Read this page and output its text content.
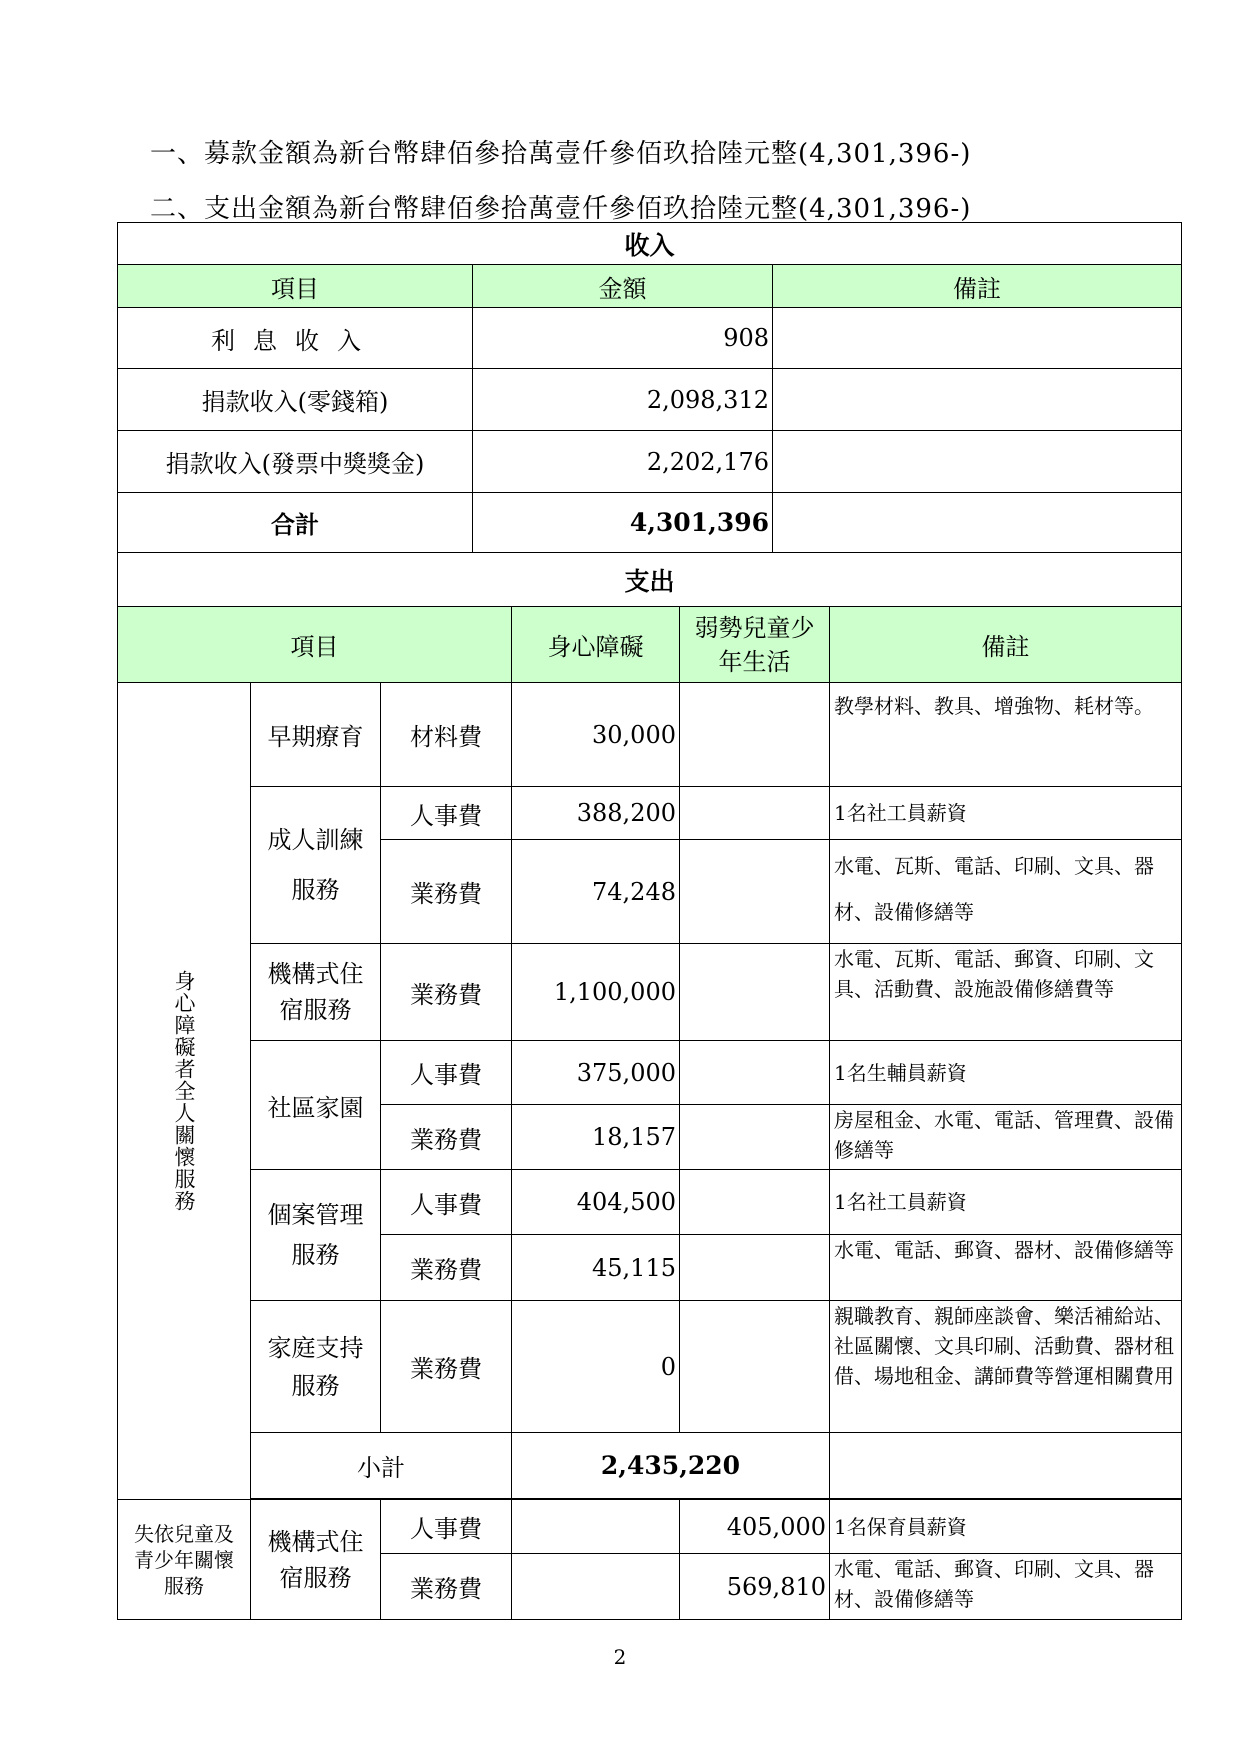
一、募款金額為新台幣肆佰參拾萬壹仟參佰玖拾陸元整(4,301,396-)
二、支出金額為新台幣肆佰參拾萬壹仟參佰玖拾陸元整(4,301,396-)
收入		
項目	金額	備註
利息收入	908	
捐款收入(零錢箱)	2,098,312	
捐款收入(發票中獎獎金)	2,202,176	
合計	4,301,396	
支出					
項目			身心障礙	弱勢兒童少年生活	備註

身心障礙者全人關懷服務	早期療育	材料費	30,000		教學材料、教具、增強物、耗材等。
	成人訓練服務	人事費	388,200		1名社工員薪資
		業務費	74,248		水電、瓦斯、電話、印刷、文具、器材、設備修繕等
	機構式住宿服務	業務費	1,100,000		水電、瓦斯、電話、郵資、印刷、文具、活動費、設施設備修繕費等
	社區家園	人事費	375,000		1名生輔員薪資
		業務費	18,157		房屋租金、水電、電話、管理費、設備修繕等
	個案管理服務	人事費	404,500		1名社工員薪資
		業務費	45,115		水電、電話、郵資、器材、設備修繕等
	家庭支持服務	業務費	0		親職教育、親師座談會、樂活補給站、社區關懷、文具印刷、活動費、器材租借、場地租金、講師費等營運相關費用
	小計		2,435,220		

失依兒童及青少年關懷服務	機構式住宿服務	人事費		405,000	1名保育員薪資
		業務費		569,810	水電、電話、郵資、印刷、文具、器材、設備修繕等
2
